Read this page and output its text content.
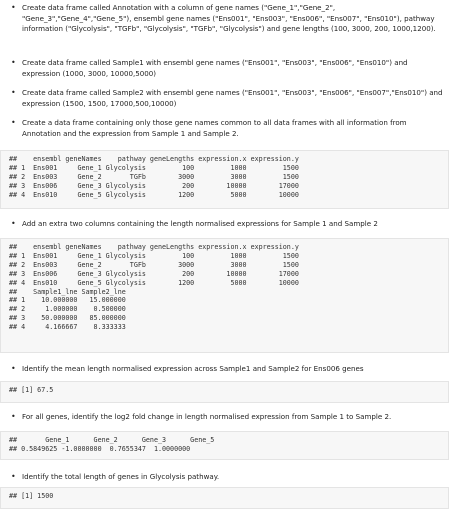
• Create data frame called Annotation with a column of gene names ("Gene_1","Gene_2", "Gene_3","Gene_4","Gene_5"), ensembl gene names ("Ens001", "Ens003", "Ens006", "Ens007", "Ens010"), pathway information ("Glycolysis", "TGFb", "Glycolysis", "TGFb", "Glycolysis") and gene lengths (100, 3000, 200, 1000,1200).
• Create data frame called Sample1 with ensembl gene names ("Ens001", "Ens003", "Ens006", "Ens010") and expression (1000, 3000, 10000,5000)
• Create data frame called Sample2 with ensembl gene names ("Ens001", "Ens003", "Ens006", "Ens007","Ens010") and expression (1500, 1500, 17000,500,10000)
• Create a data frame containing only those gene names common to all data frames with all information from Annotation and the expression from Sample 1 and Sample 2.
##    ensembl geneNames    pathway geneLengths expression.x expression.y
## 1  Ens001     Gene_1 Glycolysis         100         1000         1500
## 2  Ens003     Gene_2       TGFb        3000         3000         1500
## 3  Ens006     Gene_3 Glycolysis         200        10000        17000
## 4  Ens010     Gene_5 Glycolysis        1200         5000        10000
• Add an extra two columns containing the length normalised expressions for Sample 1 and Sample 2
##    ensembl geneNames    pathway geneLengths expression.x expression.y
## 1  Ens001     Gene_1 Glycolysis         100         1000         1500
## 2  Ens003     Gene_2       TGFb        3000         3000         1500
## 3  Ens006     Gene_3 Glycolysis         200        10000        17000
## 4  Ens010     Gene_5 Glycolysis        1200         5000        10000
##    Sample1_lne Sample2_lne
## 1    10.000000   15.000000
## 2     1.000000    0.500000
## 3    50.000000   85.000000
## 4     4.166667    8.333333
• Identify the mean length normalised expression across Sample1 and Sample2 for Ens006 genes
## [1] 67.5
• For all genes, identify the log2 fold change in length normalised expression from Sample 1 to Sample 2.
##       Gene_1      Gene_2      Gene_3      Gene_5
## 0.5849625 -1.0000000  0.7655347  1.0000000
• Identify the total length of genes in Glycolysis pathway.
## [1] 1500
